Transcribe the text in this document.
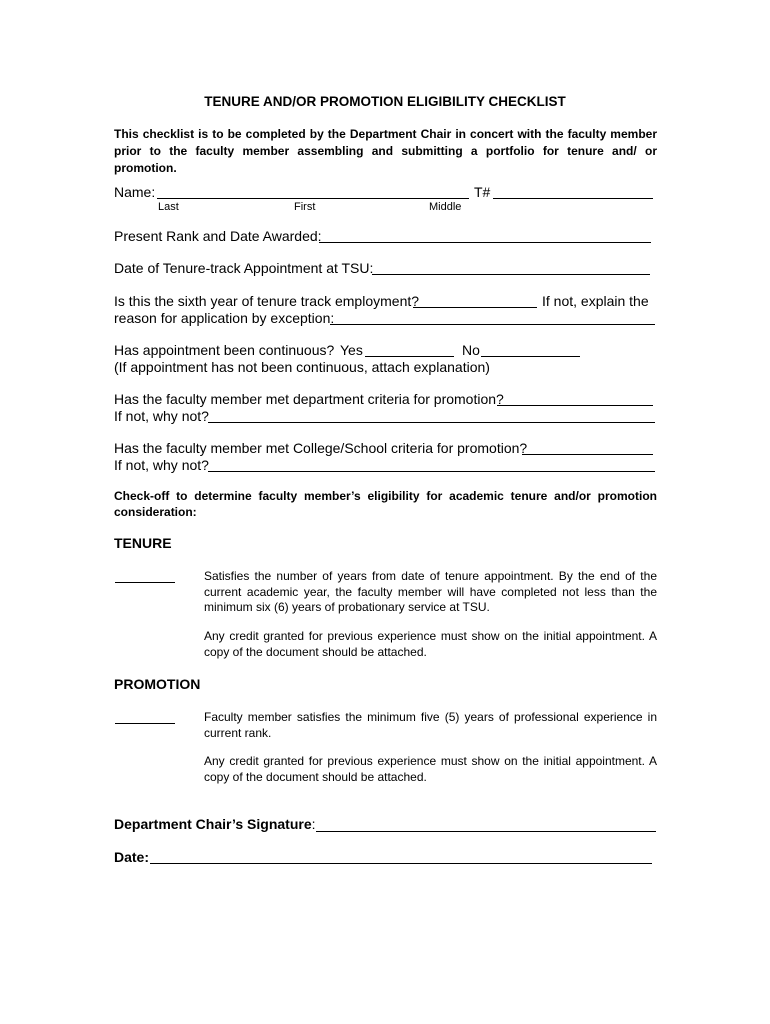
TENURE AND/OR PROMOTION ELIGIBILITY CHECKLIST
This checklist is to be completed by the Department Chair in concert with the faculty member prior to the faculty member assembling and submitting a portfolio for tenure and/ or promotion.
Name:	T#
Last	First	Middle
Present Rank and Date Awarded:
Date of Tenure-track Appointment at TSU:
Is this the sixth year of tenure track employment?	If not, explain the
reason for application by exception:
Has appointment been continuous? Yes	No
(If appointment has not been continuous, attach explanation)
Has the faculty member met department criteria for promotion?
If not, why not?
Has the faculty member met College/School criteria for promotion?
If not, why not?
Check-off to determine faculty member’s eligibility for academic tenure and/or promotion consideration:
TENURE
Satisfies the number of years from date of tenure appointment. By the end of the current academic year, the faculty member will have completed not less than the minimum six (6) years of probationary service at TSU.
Any credit granted for previous experience must show on the initial appointment. A copy of the document should be attached.
PROMOTION
Faculty member satisfies the minimum five (5) years of professional experience in current rank.
Any credit granted for previous experience must show on the initial appointment. A copy of the document should be attached.
Department Chair’s Signature:
Date:
